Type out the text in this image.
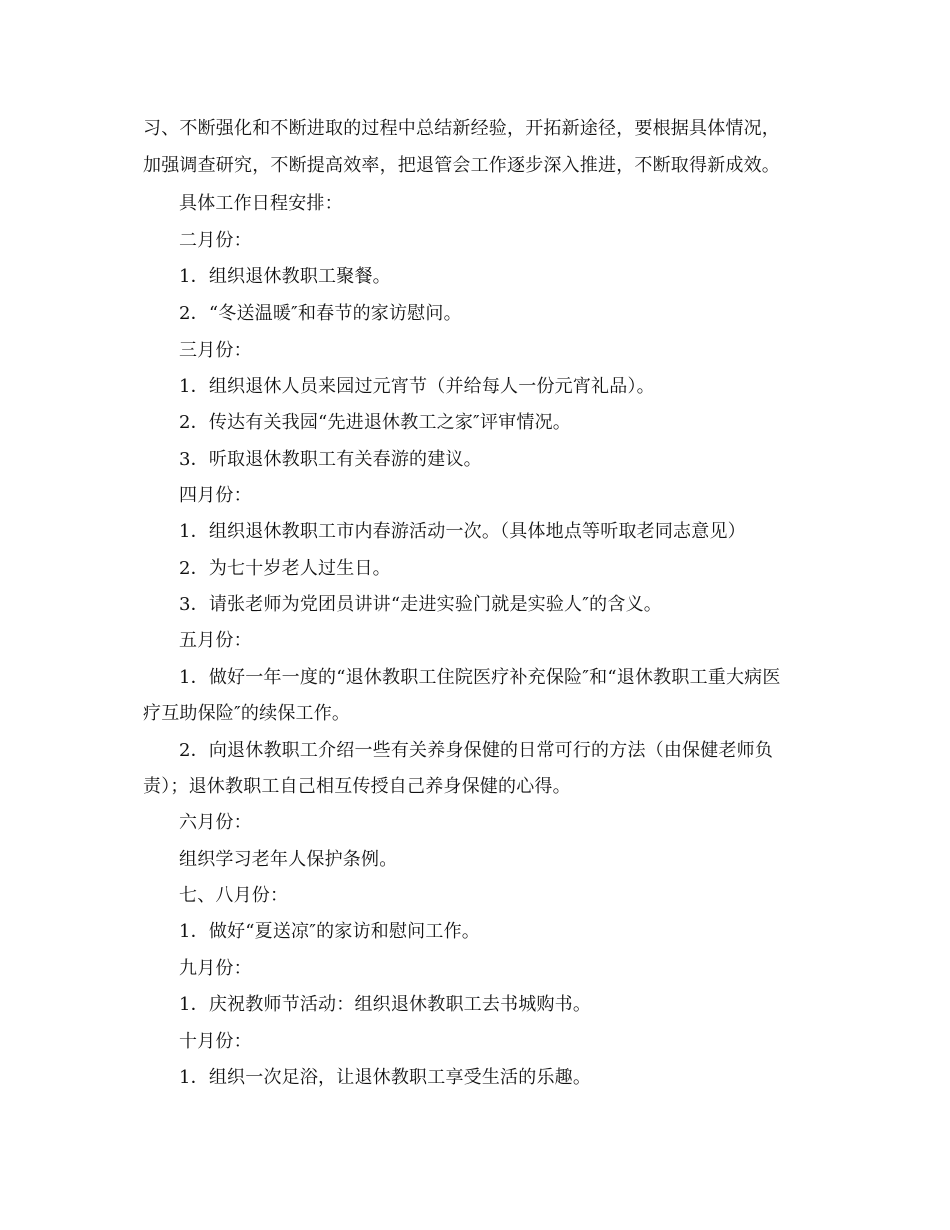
习、不断强化和不断进取的过程中总结新经验，开拓新途径，要根据具体情况，
加强调查研究，不断提高效率，把退管会工作逐步深入推进，不断取得新成效。
具体工作日程安排：
二月份：
1．组织退休教职工聚餐。
2．“冬送温暖″和春节的家访慰问。
三月份：
1．组织退休人员来园过元宵节（并给每人一份元宵礼品）。
2．传达有关我园“先进退休教工之家″评审情况。
3．听取退休教职工有关春游的建议。
四月份：
1．组织退休教职工市内春游活动一次。（具体地点等听取老同志意见）
2．为七十岁老人过生日。
3．请张老师为党团员讲讲“走进实验门就是实验人″的含义。
五月份：
1．做好一年一度的“退休教职工住院医疗补充保险″和“退休教职工重大病医
疗互助保险″的续保工作。
2．向退休教职工介绍一些有关养身保健的日常可行的方法（由保健老师负
责）；退休教职工自己相互传授自己养身保健的心得。
六月份：
组织学习老年人保护条例。
七、八月份：
1．做好“夏送凉″的家访和慰问工作。
九月份：
1．庆祝教师节活动：组织退休教职工去书城购书。
十月份：
1．组织一次足浴，让退休教职工享受生活的乐趣。
